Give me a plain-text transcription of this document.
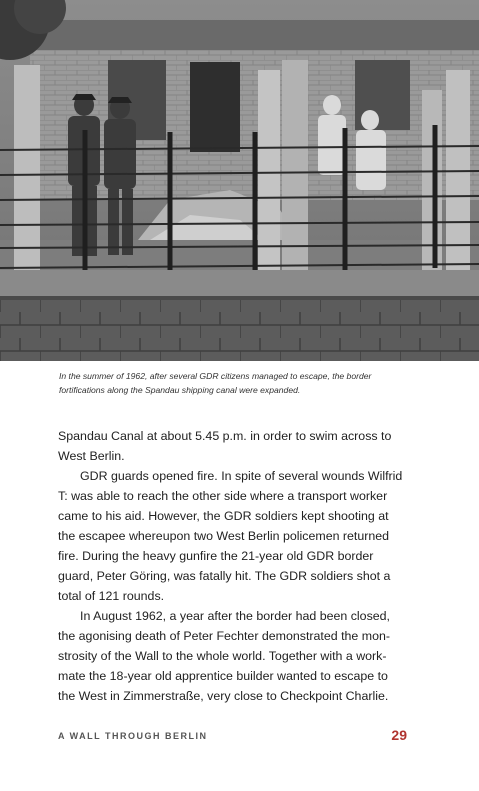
In the summer of 1962, after several GDR citizens managed to escape, the border

fortifications along the Spandau shipping canal were expanded.

Spandau Canal at about 5.45 p.m. in order to swim across to
West Berlin.

GDR guards opened fire. In spite of several wounds Wilfrid
T: was able to reach the other side where a transport worker
came to his aid. However, the GDR soldiers kept shooting at
the escapee whereupon two West Berlin policemen returned
fire. During the heavy gunfire the 21-year old GDR border
guard, Peter Göring, was fatally hit. The GDR soldiers shot a
total of 121 rounds.

In August 1962, a year after the border had been closed,
the agonising death of Peter Fechter demonstrated the mon-
strosity of the Wall to the whole world. Together with a work-
mate the 18-year old apprentice builder wanted to escape to
the West in Zimmerstraße, very close to Checkpoint Charlie.

A WALL THROUGH BERLIN	29
